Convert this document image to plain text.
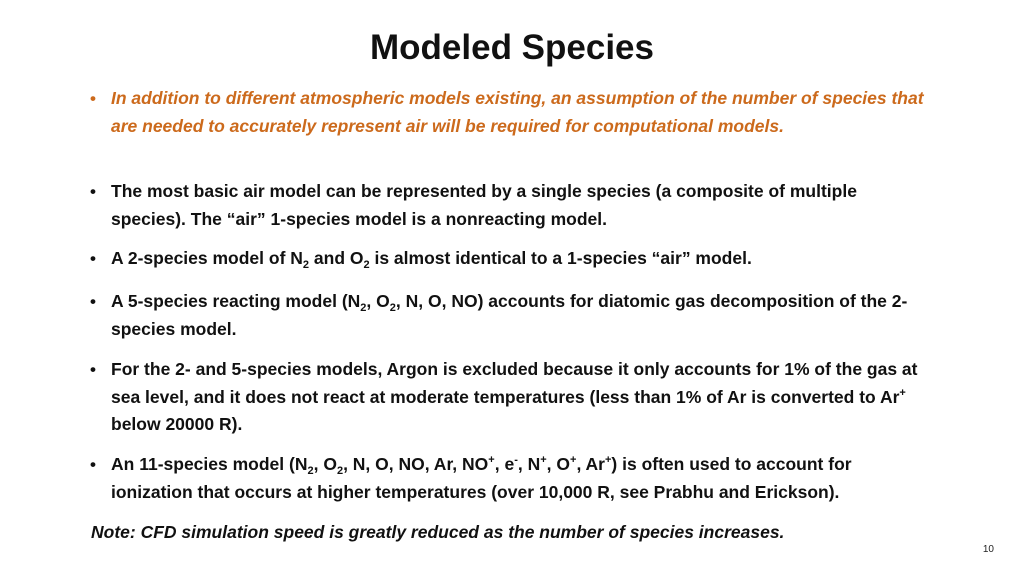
Modeled Species
• In addition to different atmospheric models existing, an assumption of the number of species that are needed to accurately represent air will be required for computational models.
• The most basic air model can be represented by a single species (a composite of multiple species). The “air” 1-species model is a nonreacting model.
• A 2-species model of $N_2$ and $O_2$ is almost identical to a 1-species “air” model.
• A 5-species reacting model ($N_2$, $O_2$, N, O, NO) accounts for diatomic gas decomposition of the 2-species model.
• For the 2- and 5-species models, Argon is excluded because it only accounts for 1% of the gas at sea level, and it does not react at moderate temperatures (less than 1% of Ar is converted to Ar+ below 20000 R).
• An 11-species model ($N_2$, $O_2$, N, O, NO, Ar, NO+, e-, N+, O+, Ar+) is often used to account for ionization that occurs at higher temperatures (over 10,000 R, see Prabhu and Erickson).
Note: CFD simulation speed is greatly reduced as the number of species increases.
10
